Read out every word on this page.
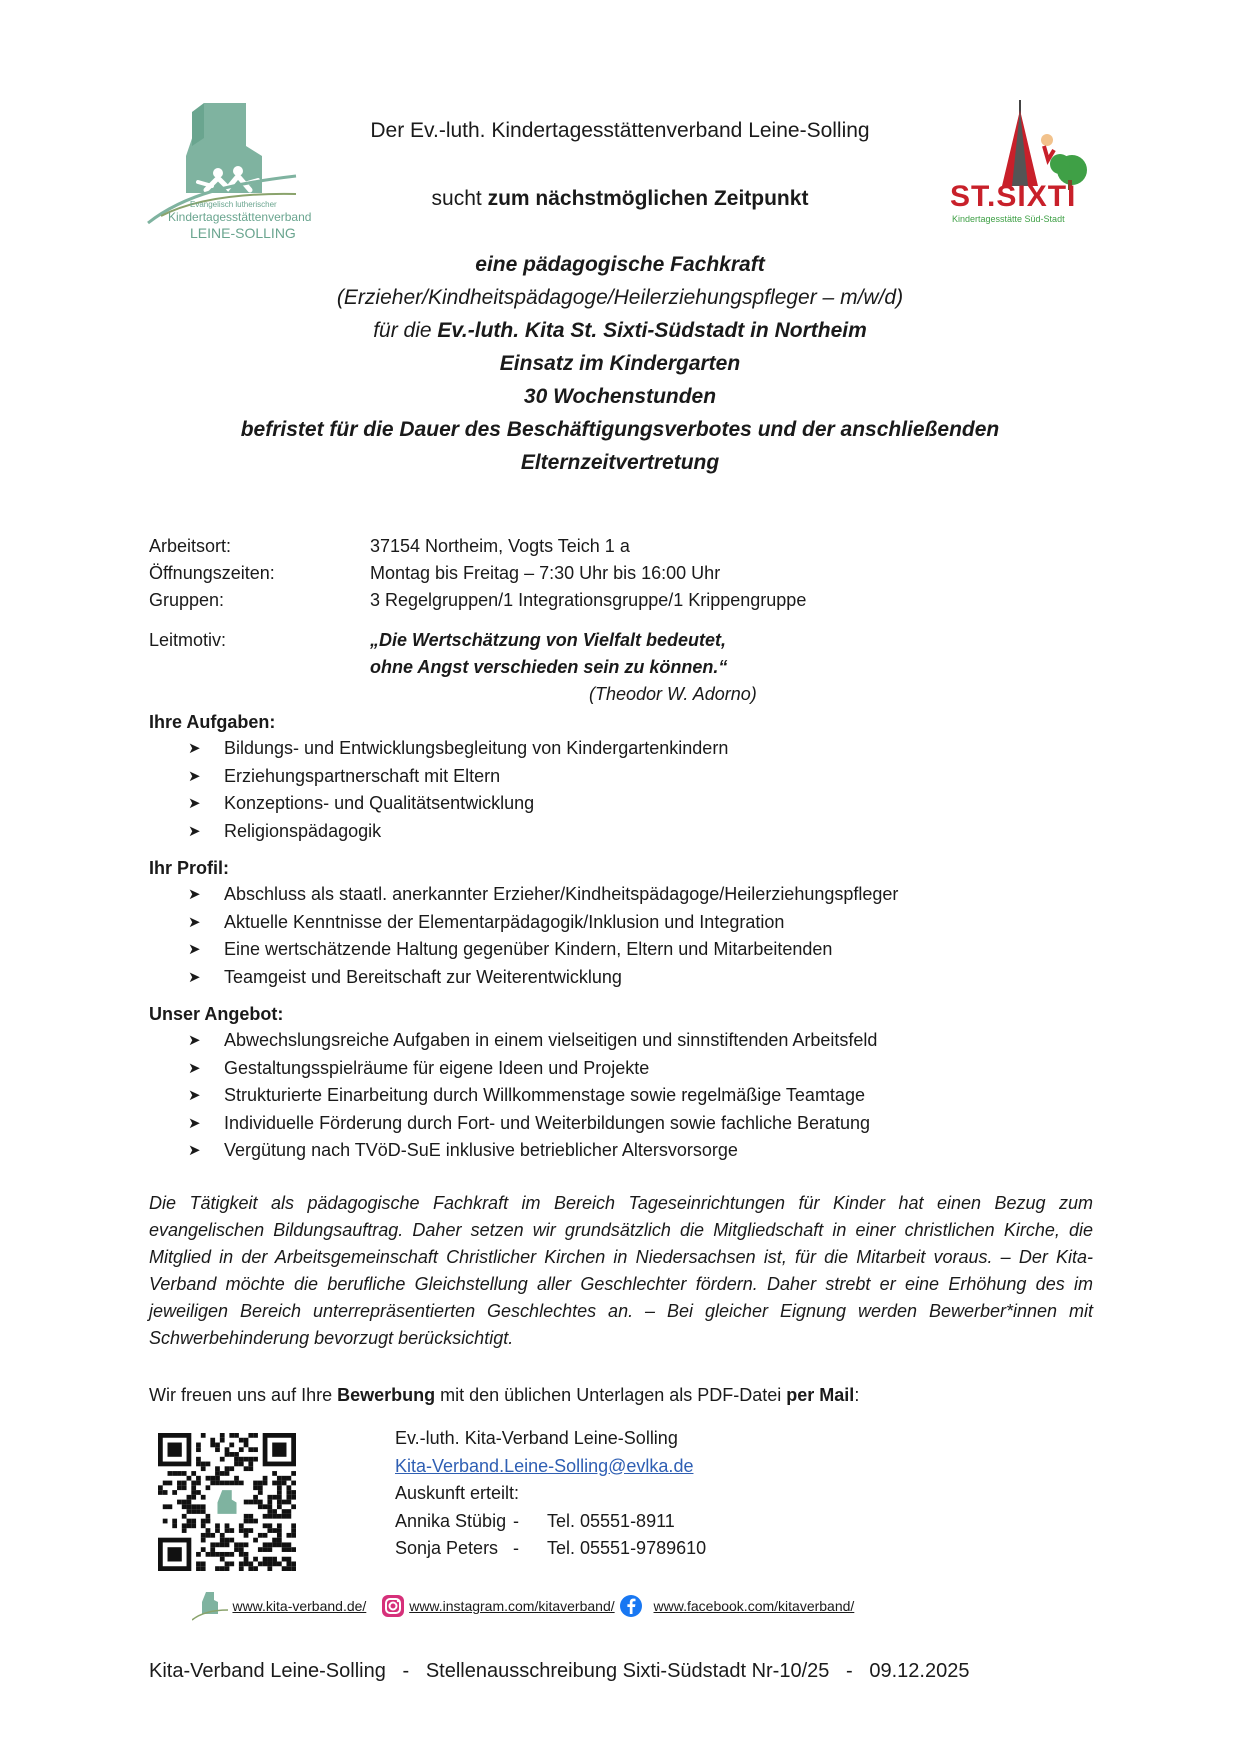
Evangelisch lutherischer
Kindertagesstättenverband
LEINE-SOLLING
ST.SIXTI
Kindertagesstätte Süd-Stadt
Der Ev.-luth. Kindertagesstättenverband Leine-Solling
sucht zum nächstmöglichen Zeitpunkt
eine pädagogische Fachkraft
(Erzieher/Kindheitspädagoge/Heilerziehungspfleger – m/w/d)
für die Ev.-luth. Kita St. Sixti-Südstadt in Northeim
Einsatz im Kindergarten
30 Wochenstunden
befristet für die Dauer des Beschäftigungsverbotes und der anschließenden
Elternzeitvertretung
Arbeitsort:	37154 Northeim, Vogts Teich 1 a
Öffnungszeiten:	Montag bis Freitag – 7:30 Uhr bis 16:00 Uhr
Gruppen:	3 Regelgruppen/1 Integrationsgruppe/1 Krippengruppe
Leitmotiv:	„Die Wertschätzung von Vielfalt bedeutet,
ohne Angst verschieden sein zu können.“
(Theodor W. Adorno)
Ihre Aufgaben:
➤ Bildungs- und Entwicklungsbegleitung von Kindergartenkindern
➤ Erziehungspartnerschaft mit Eltern
➤ Konzeptions- und Qualitätsentwicklung
➤ Religionspädagogik
Ihr Profil:
➤ Abschluss als staatl. anerkannter Erzieher/Kindheitspädagoge/Heilerziehungspfleger
➤ Aktuelle Kenntnisse der Elementarpädagogik/Inklusion und Integration
➤ Eine wertschätzende Haltung gegenüber Kindern, Eltern und Mitarbeitenden
➤ Teamgeist und Bereitschaft zur Weiterentwicklung
Unser Angebot:
➤ Abwechslungsreiche Aufgaben in einem vielseitigen und sinnstiftenden Arbeitsfeld
➤ Gestaltungsspielräume für eigene Ideen und Projekte
➤ Strukturierte Einarbeitung durch Willkommenstage sowie regelmäßige Teamtage
➤ Individuelle Förderung durch Fort- und Weiterbildungen sowie fachliche Beratung
➤ Vergütung nach TVöD-SuE inklusive betrieblicher Altersvorsorge
Die Tätigkeit als pädagogische Fachkraft im Bereich Tageseinrichtungen für Kinder hat einen Bezug zum evangelischen Bildungsauftrag. Daher setzen wir grundsätzlich die Mitgliedschaft in einer christlichen Kirche, die Mitglied in der Arbeitsgemeinschaft Christlicher Kirchen in Niedersachsen ist, für die Mitarbeit voraus. – Der Kita-Verband möchte die berufliche Gleichstellung aller Geschlechter fördern. Daher strebt er eine Erhöhung des im jeweiligen Bereich unterrepräsentierten Geschlechtes an. – Bei gleicher Eignung werden Bewerber*innen mit Schwerbehinderung bevorzugt berücksichtigt.
Wir freuen uns auf Ihre Bewerbung mit den üblichen Unterlagen als PDF-Datei per Mail:
Ev.-luth. Kita-Verband Leine-Solling
Kita-Verband.Leine-Solling@evlka.de
Auskunft erteilt:
Annika Stübig - Tel. 05551-8911
Sonja Peters - Tel. 05551-9789610
www.kita-verband.de/	www.instagram.com/kitaverband/	www.facebook.com/kitaverband/
Kita-Verband Leine-Solling   -   Stellenausschreibung Sixti-Südstadt Nr-10/25   -   09.12.2025
